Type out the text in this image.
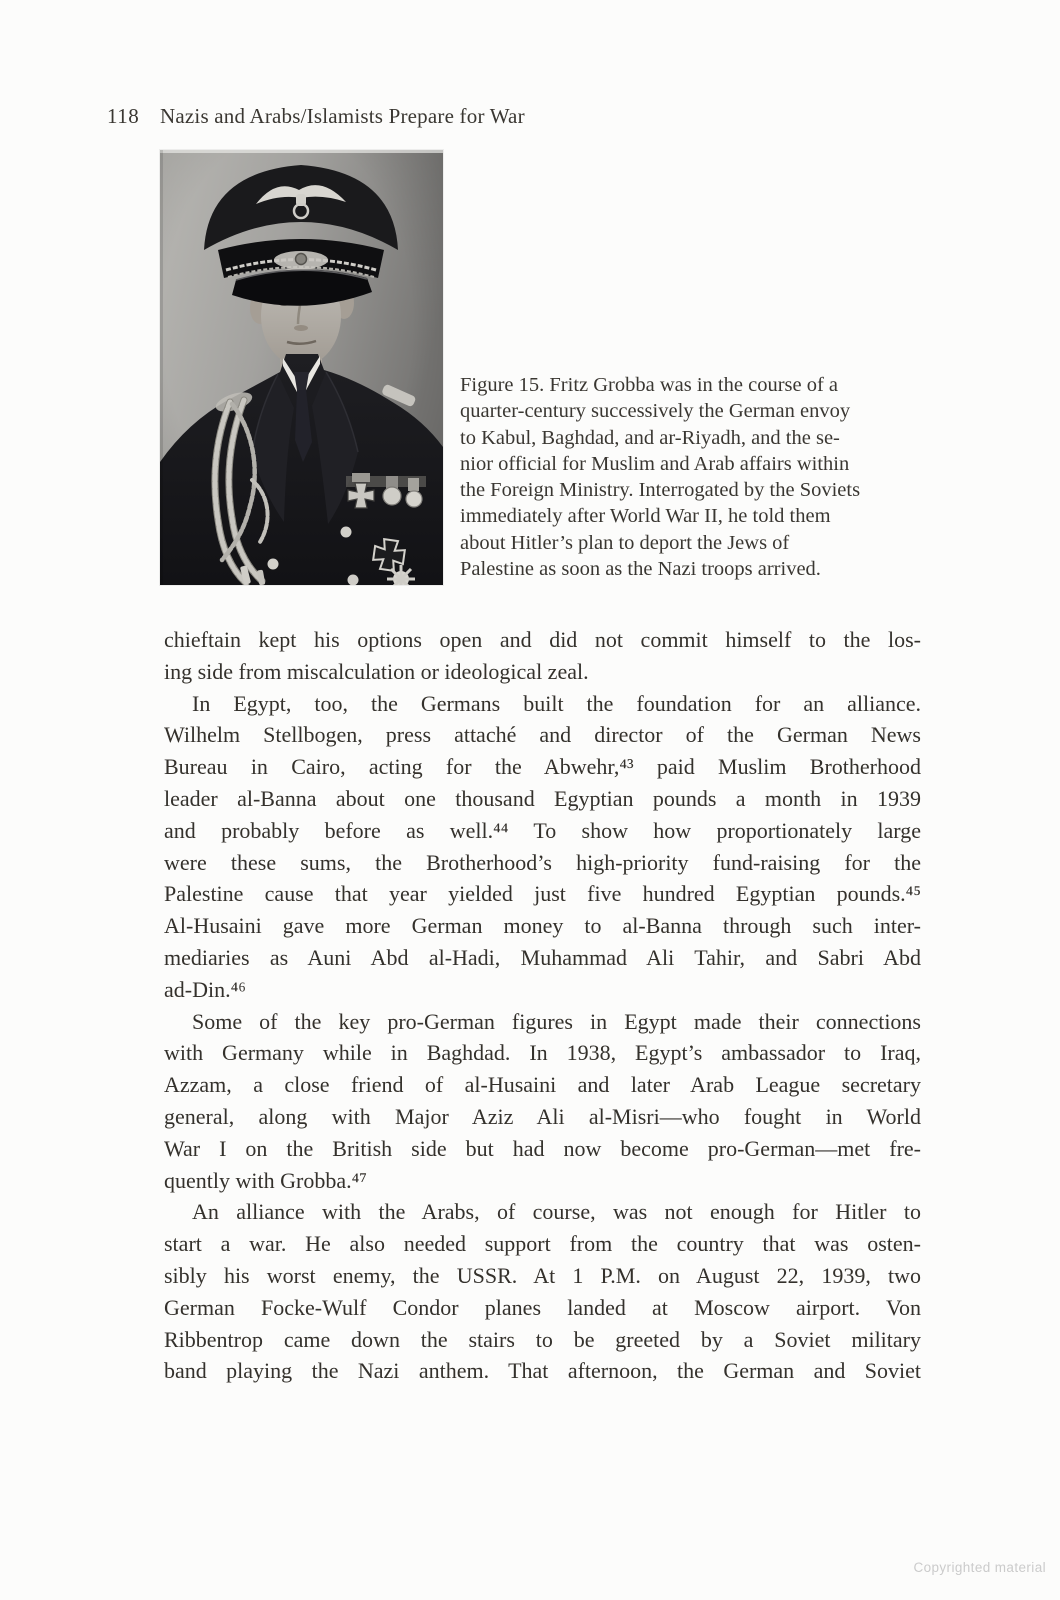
118 Nazis and Arabs/Islamists Prepare for War
Figure 15. Fritz Grobba was in the course of a
quarter-century successively the German envoy
to Kabul, Baghdad, and ar-Riyadh, and the se-
nior official for Muslim and Arab affairs within
the Foreign Ministry. Interrogated by the Soviets
immediately after World War II, he told them
about Hitler’s plan to deport the Jews of
Palestine as soon as the Nazi troops arrived.
chieftain kept his options open and did not commit himself to the los-
ing side from miscalculation or ideological zeal.
In Egypt, too, the Germans built the foundation for an alliance.
Wilhelm Stellbogen, press attaché and director of the German News
Bureau in Cairo, acting for the Abwehr,⁴³ paid Muslim Brotherhood
leader al-Banna about one thousand Egyptian pounds a month in 1939
and probably before as well.⁴⁴ To show how proportionately large
were these sums, the Brotherhood’s high-priority fund-raising for the
Palestine cause that year yielded just five hundred Egyptian pounds.⁴⁵
Al-Husaini gave more German money to al-Banna through such inter-
mediaries as Auni Abd al-Hadi, Muhammad Ali Tahir, and Sabri Abd
ad-Din.⁴⁶
Some of the key pro-German figures in Egypt made their connections
with Germany while in Baghdad. In 1938, Egypt’s ambassador to Iraq,
Azzam, a close friend of al-Husaini and later Arab League secretary
general, along with Major Aziz Ali al-Misri—who fought in World
War I on the British side but had now become pro-German—met fre-
quently with Grobba.⁴⁷
An alliance with the Arabs, of course, was not enough for Hitler to
start a war. He also needed support from the country that was osten-
sibly his worst enemy, the USSR. At 1 P.M. on August 22, 1939, two
German Focke-Wulf Condor planes landed at Moscow airport. Von
Ribbentrop came down the stairs to be greeted by a Soviet military
band playing the Nazi anthem. That afternoon, the German and Soviet
Copyrighted material
